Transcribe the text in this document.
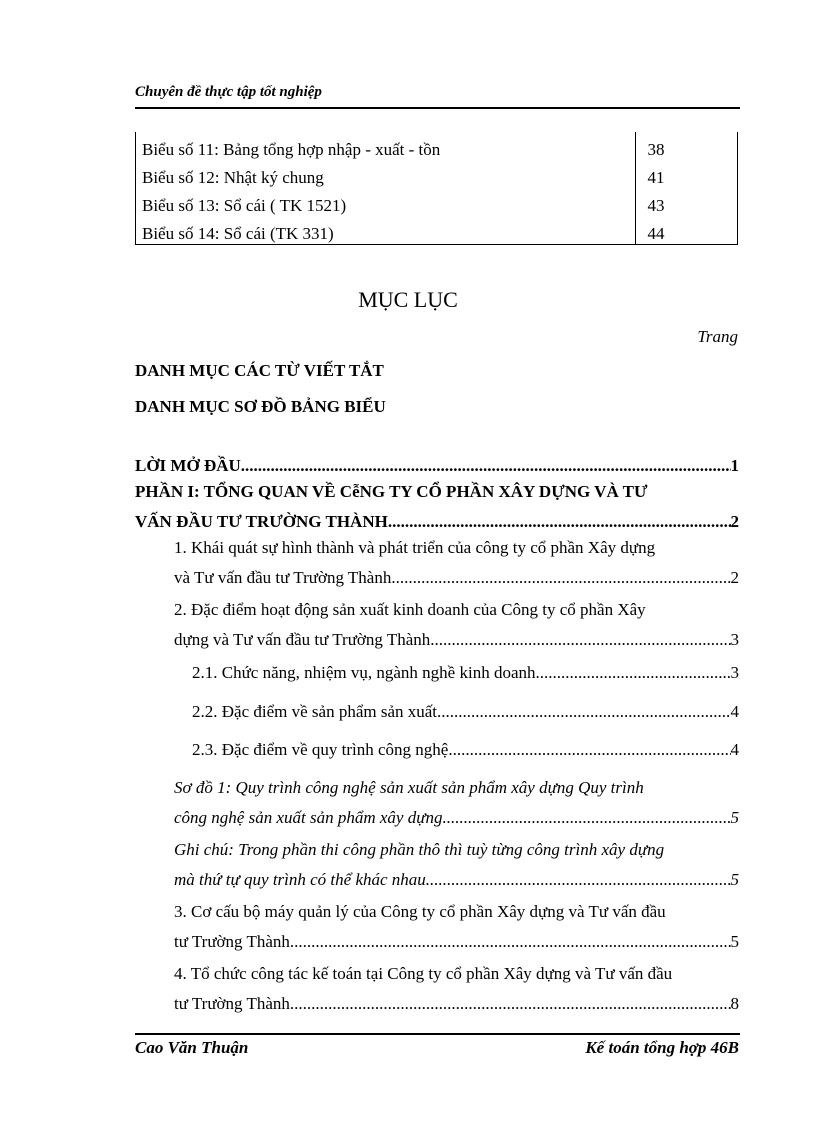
Chuyên đề thực tập tốt nghiệp
Biểu số 11: Bảng tổng hợp nhập - xuất - tồn	38
Biểu số 12: Nhật ký chung	41
Biểu số 13: Sổ cái ( TK 1521)	43
Biểu số 14: Sổ cái (TK 331)	44
MỤC LỤC
Trang
DANH MỤC CÁC TỪ VIẾT TẮT
DANH MỤC SƠ ĐỒ BẢNG BIỂU
LỜI MỞ ĐẦU .....	1
PHẦN I: TỔNG QUAN VỀ CễNG TY CỔ PHẦN XÂY DỰNG VÀ TƯ
VẤN ĐẦU TƯ TRƯỜNG THÀNH .....	2
1. Khái quát sự hình thành và phát triển của công ty cổ phần Xây dựng
và Tư vấn đầu tư Trường Thành. .....	2
2. Đặc điểm hoạt động sản xuất kinh doanh của Công ty cổ phần Xây
dựng và Tư vấn đầu tư Trường Thành. .....	3
2.1. Chức năng, nhiệm vụ, ngành nghề kinh doanh .....	3
2.2. Đặc điểm về sản phẩm sản xuất .....	4
2.3. Đặc điểm về quy trình công nghệ .....	4
Sơ đồ 1: Quy trình công nghệ sản xuất sản phẩm xây dựng Quy trình
công nghệ sản xuất sản phẩm xây dựng .....	5
Ghi chú: Trong phần thi công phần thô thì tuỳ từng công trình xây dựng
mà thứ tự quy trình có thể khác nhau .....	5
3. Cơ cấu bộ máy quản lý của Công ty cổ phần Xây dựng và Tư vấn đầu
tư Trường Thành .....	5
4. Tổ chức công tác kế toán tại Công ty cổ phần Xây dựng và Tư vấn đầu
tư Trường Thành .....	8
Cao Văn Thuận	Kế toán tổng hợp 46B
